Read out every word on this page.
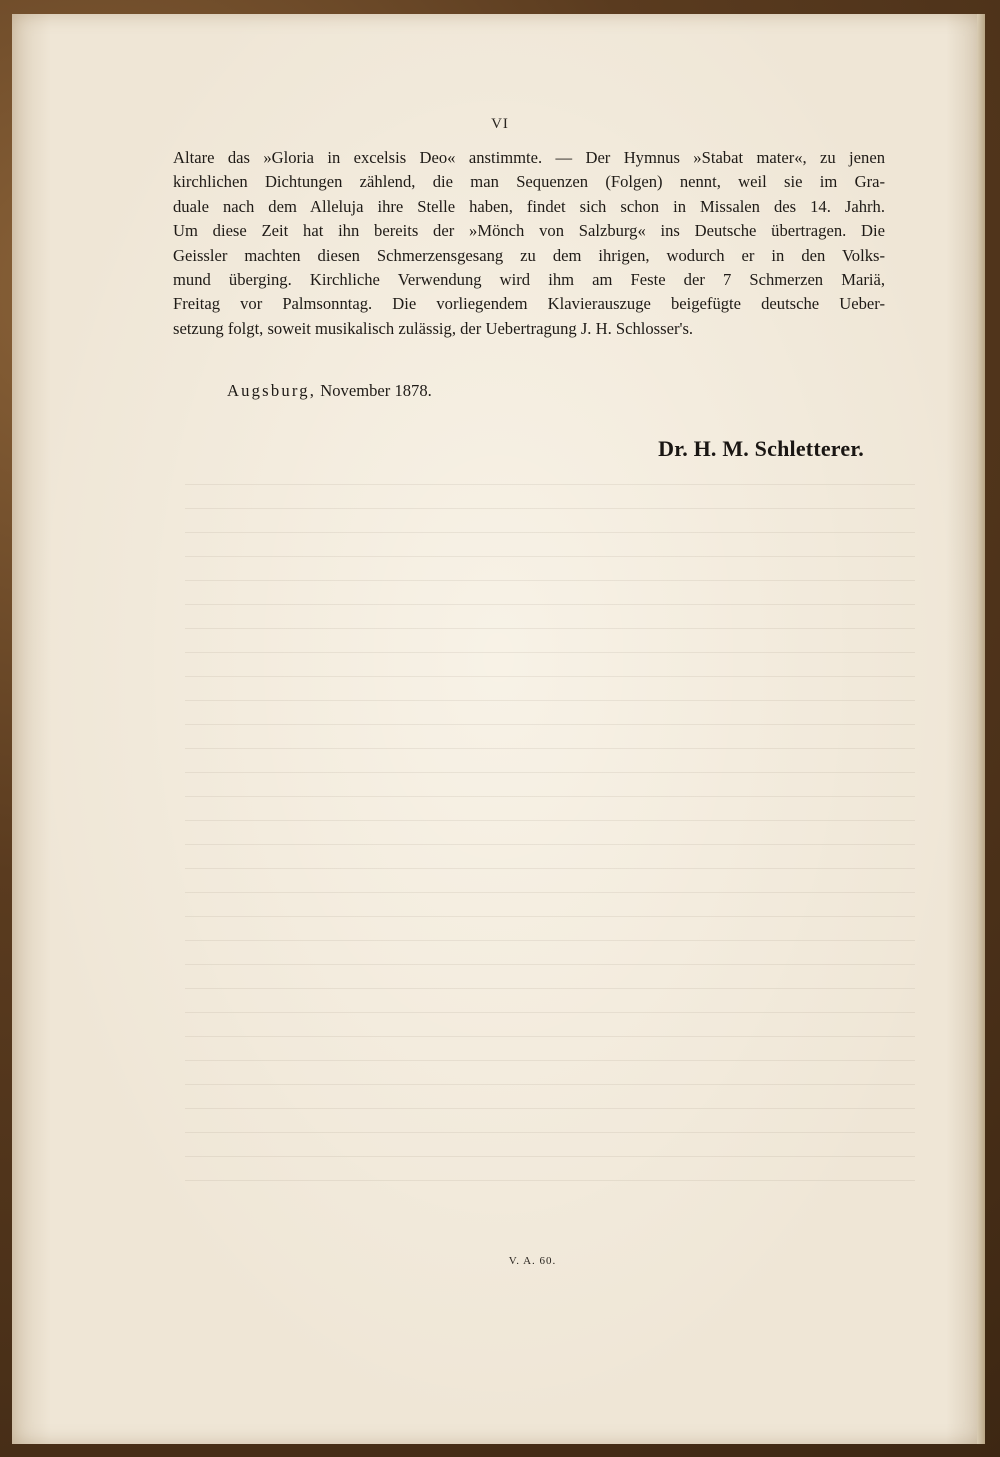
VI
Altare das »Gloria in excelsis Deo« anstimmte. — Der Hymnus »Stabat mater«, zu jenen
kirchlichen Dichtungen zählend, die man Sequenzen (Folgen) nennt, weil sie im Gra-
duale nach dem Alleluja ihre Stelle haben, findet sich schon in Missalen des 14. Jahrh.
Um diese Zeit hat ihn bereits der »Mönch von Salzburg« ins Deutsche übertragen. Die
Geissler machten diesen Schmerzensgesang zu dem ihrigen, wodurch er in den Volks-
mund überging. Kirchliche Verwendung wird ihm am Feste der 7 Schmerzen Mariä,
Freitag vor Palmsonntag. Die vorliegendem Klavierauszuge beigefügte deutsche Ueber-
setzung folgt, soweit musikalisch zulässig, der Uebertragung J. H. Schlosser's.
Augsburg, November 1878.
Dr. H. M. Schletterer.
V. A. 60.
